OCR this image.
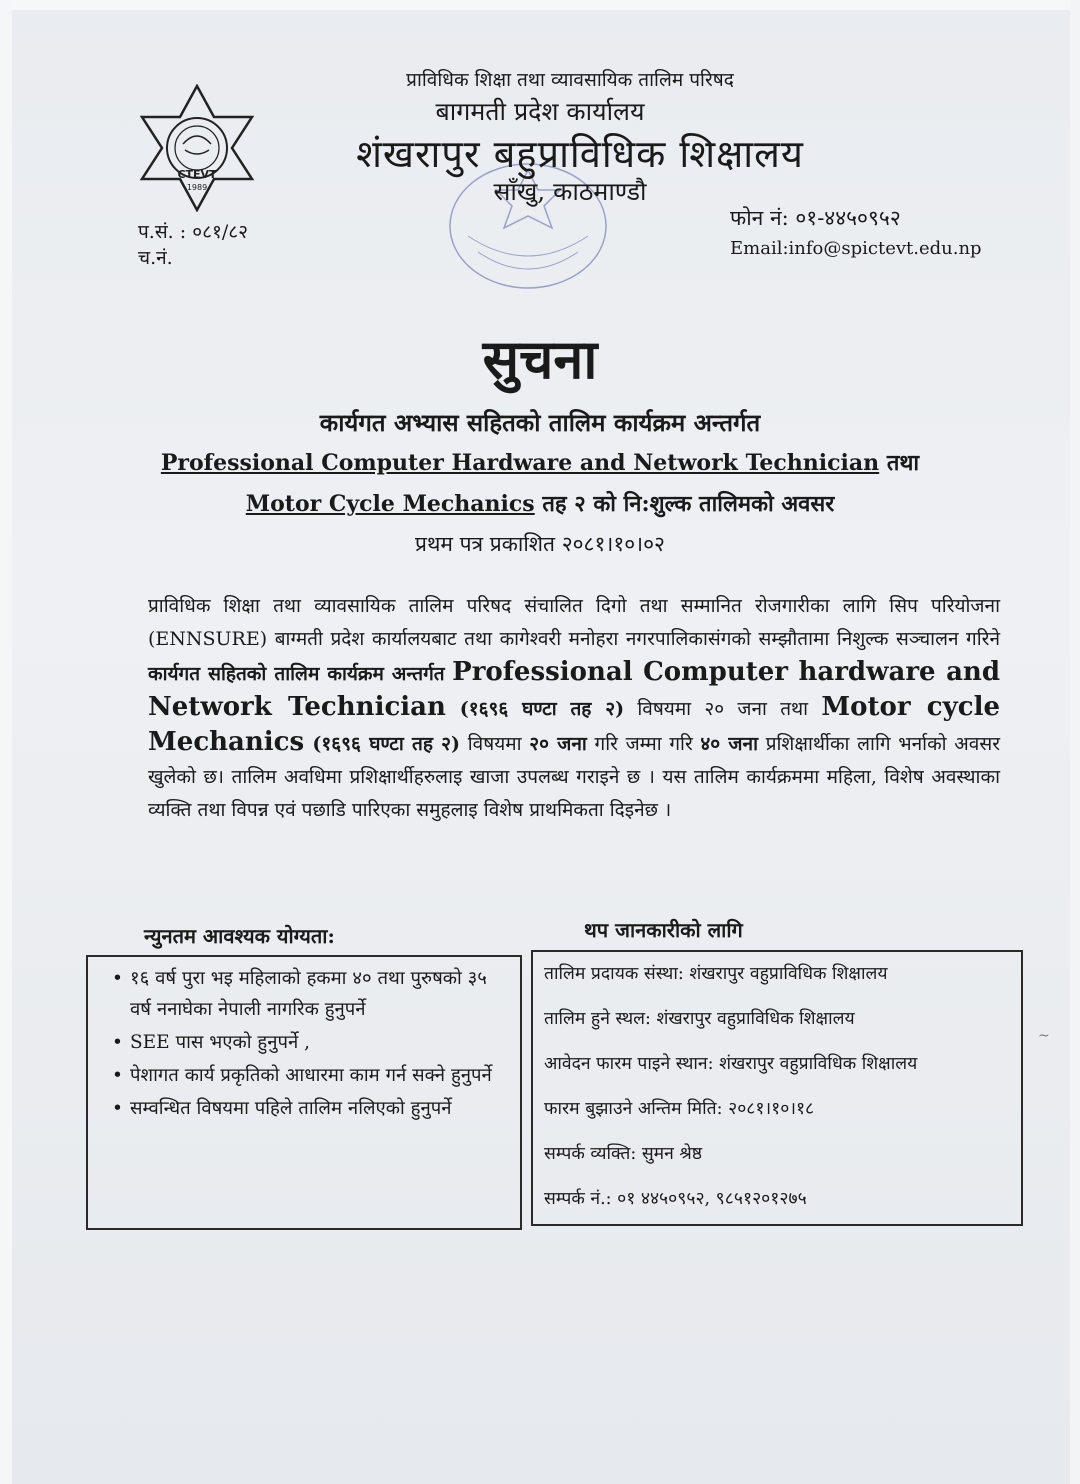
CTEVT
1989
प्राविधिक शिक्षा तथा व्यावसायिक तालिम परिषद
बागमती प्रदेश कार्यालय
शंखरापुर बहुप्राविधिक शिक्षालय
साँखु, काठमाण्डौ
प.सं. : ०८१/८२
च.नं.
फोन नं: ०१-४४५०९५२
Email:info@spictevt.edu.np
सुचना
कार्यगत अभ्यास सहितको तालिम कार्यक्रम अन्तर्गत
Professional Computer Hardware and Network Technician तथा
Motor Cycle Mechanics तह २ को नि:शुल्क तालिमको अवसर
प्रथम पत्र प्रकाशित २०८१।१०।०२
प्राविधिक शिक्षा तथा व्यावसायिक तालिम परिषद संचालित दिगो तथा सम्मानित रोजगारीका लागि सिप परियोजना (ENNSURE) बाग्मती प्रदेश कार्यालयबाट तथा कागेश्वरी मनोहरा नगरपालिकासंगको सम्झौतामा निशुल्क सञ्चालन गरिने कार्यगत सहितको तालिम कार्यक्रम अन्तर्गत Professional Computer hardware and Network Technician (१६९६ घण्टा तह २) विषयमा २० जना तथा Motor cycle Mechanics (१६९६ घण्टा तह २) विषयमा २० जना गरि जम्मा गरि ४० जना प्रशिक्षार्थीका लागि भर्नाको अवसर खुलेको छ। तालिम अवधिमा प्रशिक्षार्थीहरुलाइ खाजा उपलब्ध गराइने छ । यस तालिम कार्यक्रममा महिला, विशेष अवस्थाका व्यक्ति तथा विपन्न एवं पछाडि पारिएका समुहलाइ विशेष प्राथमिकता दिइनेछ ।
न्युनतम आवश्यक योग्यता:	थप जानकारीको लागि
• १६ वर्ष पुरा भइ महिलाको हकमा ४० तथा पुरुषको ३५ वर्ष ननाघेका नेपाली नागरिक हुनुपर्ने
• SEE पास भएको हुनुपर्ने ,
• पेशागत कार्य प्रकृतिको आधारमा काम गर्न सक्ने हुनुपर्ने
• सम्वन्धित विषयमा पहिले तालिम नलिएको हुनुपर्ने
तालिम प्रदायक संस्था: शंखरापुर वहुप्राविधिक शिक्षालय
तालिम हुने स्थल: शंखरापुर वहुप्राविधिक शिक्षालय
आवेदन फारम पाइने स्थान: शंखरापुर वहुप्राविधिक शिक्षालय
फारम बुझाउने अन्तिम मिति: २०८१।१०।१८
सम्पर्क व्यक्ति: सुमन श्रेष्ठ
सम्पर्क नं.: ०१ ४४५०९५२, ९८५१२०१२७५
~
